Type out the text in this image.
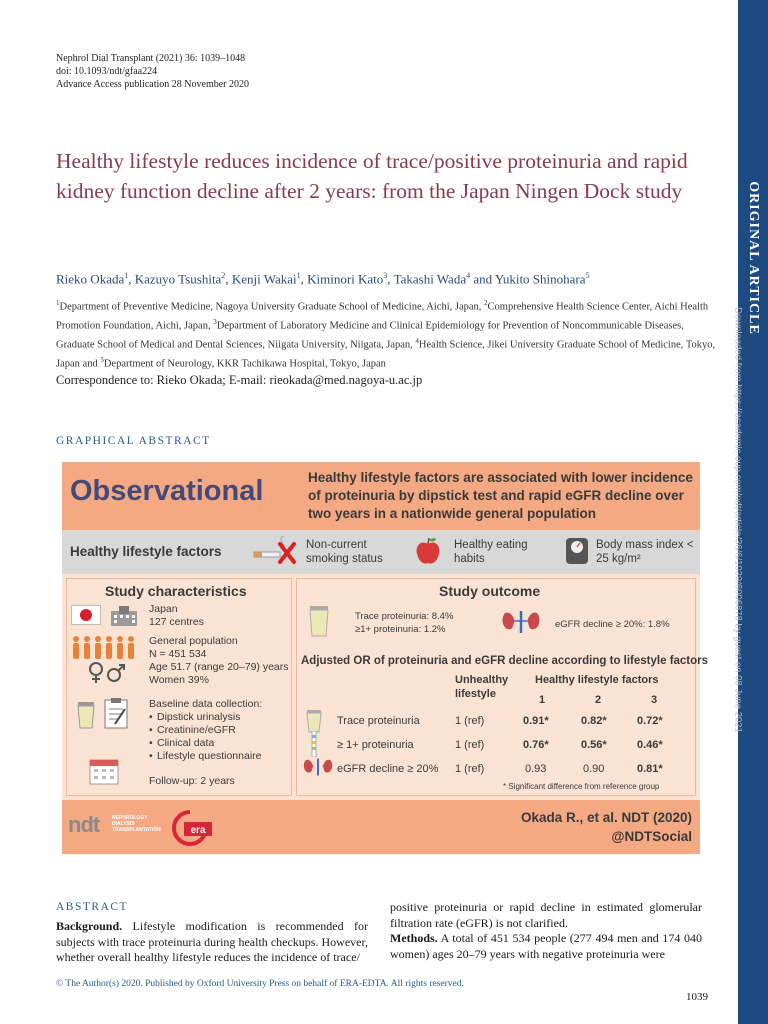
ORIGINAL ARTICLE
Downloaded from https://academic.oup.com/ndt/article/36/6/1039/6006878 by guest on 08 June 2021
Nephrol Dial Transplant (2021) 36: 1039–1048
doi: 10.1093/ndt/gfaa224
Advance Access publication 28 November 2020
Healthy lifestyle reduces incidence of trace/positive proteinuria and rapid kidney function decline after 2 years: from the Japan Ningen Dock study
Rieko Okada$^1$, Kazuyo Tsushita$^2$, Kenji Wakai$^1$, Kiminori Kato$^3$, Takashi Wada$^4$ and Yukito Shinohara$^5$
$^1$Department of Preventive Medicine, Nagoya University Graduate School of Medicine, Aichi, Japan, $^2$Comprehensive Health Science Center, Aichi Health Promotion Foundation, Aichi, Japan, $^3$Department of Laboratory Medicine and Clinical Epidemiology for Prevention of Noncommunicable Diseases, Graduate School of Medical and Dental Sciences, Niigata University, Niigata, Japan, $^4$Health Science, Jikei University Graduate School of Medicine, Tokyo, Japan and $^5$Department of Neurology, KKR Tachikawa Hospital, Tokyo, Japan
Correspondence to: Rieko Okada; E-mail: rieokada@med.nagoya-u.ac.jp
GRAPHICAL ABSTRACT
Observational	Healthy lifestyle factors are associated with lower incidence of proteinuria by dipstick test and rapid eGFR decline over two years in a nationwide general population
Healthy lifestyle factors	Non-current smoking status
Healthy eating habits
Body mass index < 25 kg/m²
Study characteristics
Japan
127 centres
General population
N = 451 534
Age 51.7 (range 20–79) years
Women 39%
Baseline data collection:
• Dipstick urinalysis
• Creatinine/eGFR
• Clinical data
• Lifestyle questionnaire
Follow-up: 2 years
Study outcome
Trace proteinuria: 8.4%
≥1+ proteinuria: 1.2%	eGFR decline ≥ 20%: 1.8%
Adjusted OR of proteinuria and eGFR decline according to lifestyle factors
Unhealthy lifestyle
Healthy lifestyle factors
1	2	3
Trace proteinuria	1 (ref)	0.91*	0.82*	0.72*
≥ 1+ proteinuria	1 (ref)	0.76*	0.56*	0.46*
eGFR decline ≥ 20% 1 (ref)	0.93	0.90	0.81*
* Significant difference from reference group
ndt	NEPHROLOGY DIALYSIS TRANSPLANTATION	era
Okada R., et al. NDT (2020)
@NDTSocial
ABSTRACT
Background. Lifestyle modification is recommended for subjects with trace proteinuria during health checkups. However, whether overall healthy lifestyle reduces the incidence of trace/
positive proteinuria or rapid decline in estimated glomerular filtration rate (eGFR) is not clarified.
Methods. A total of 451 534 people (277 494 men and 174 040 women) ages 20–79 years with negative proteinuria were
© The Author(s) 2020. Published by Oxford University Press on behalf of ERA-EDTA. All rights reserved.
1039
